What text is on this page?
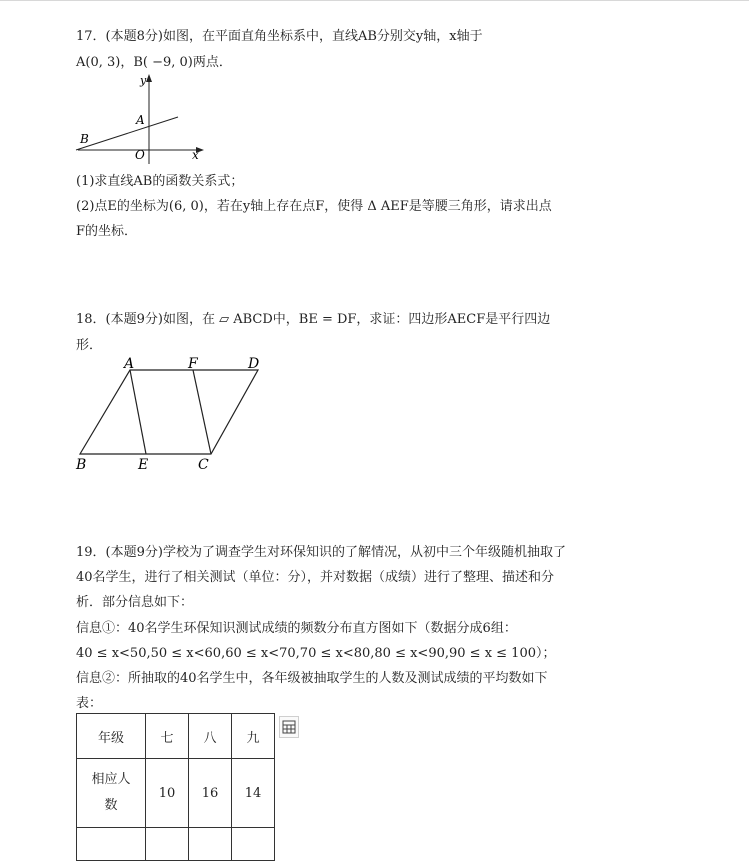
17．(本题8分)如图，在平面直角坐标系中，直线AB分别交y轴，x轴于
A(0, 3)，B( −9, 0)两点．
y
A
B
O	x
(1)求直线AB的函数关系式；
(2)点E的坐标为(6, 0)，若在y轴上存在点F，使得 Δ AEF是等腰三角形，请求出点
F的坐标．
18．(本题9分)如图，在 ▱ ABCD中，BE = DF，求证：四边形AECF是平行四边
形．
A	F	D
B	E	C
19．(本题9分)学校为了调查学生对环保知识的了解情况，从初中三个年级随机抽取了
40名学生，进行了相关测试（单位：分），并对数据（成绩）进行了整理、描述和分
析．部分信息如下：
信息①：40名学生环保知识测试成绩的频数分布直方图如下（数据分成6组：
40 ≤ x<50,50 ≤ x<60,60 ≤ x<70,70 ≤ x<80,80 ≤ x<90,90 ≤ x ≤ 100）；
信息②：所抽取的40名学生中，各年级被抽取学生的人数及测试成绩的平均数如下
表：
年级	七	八	九

相应人
数	10	16	14
